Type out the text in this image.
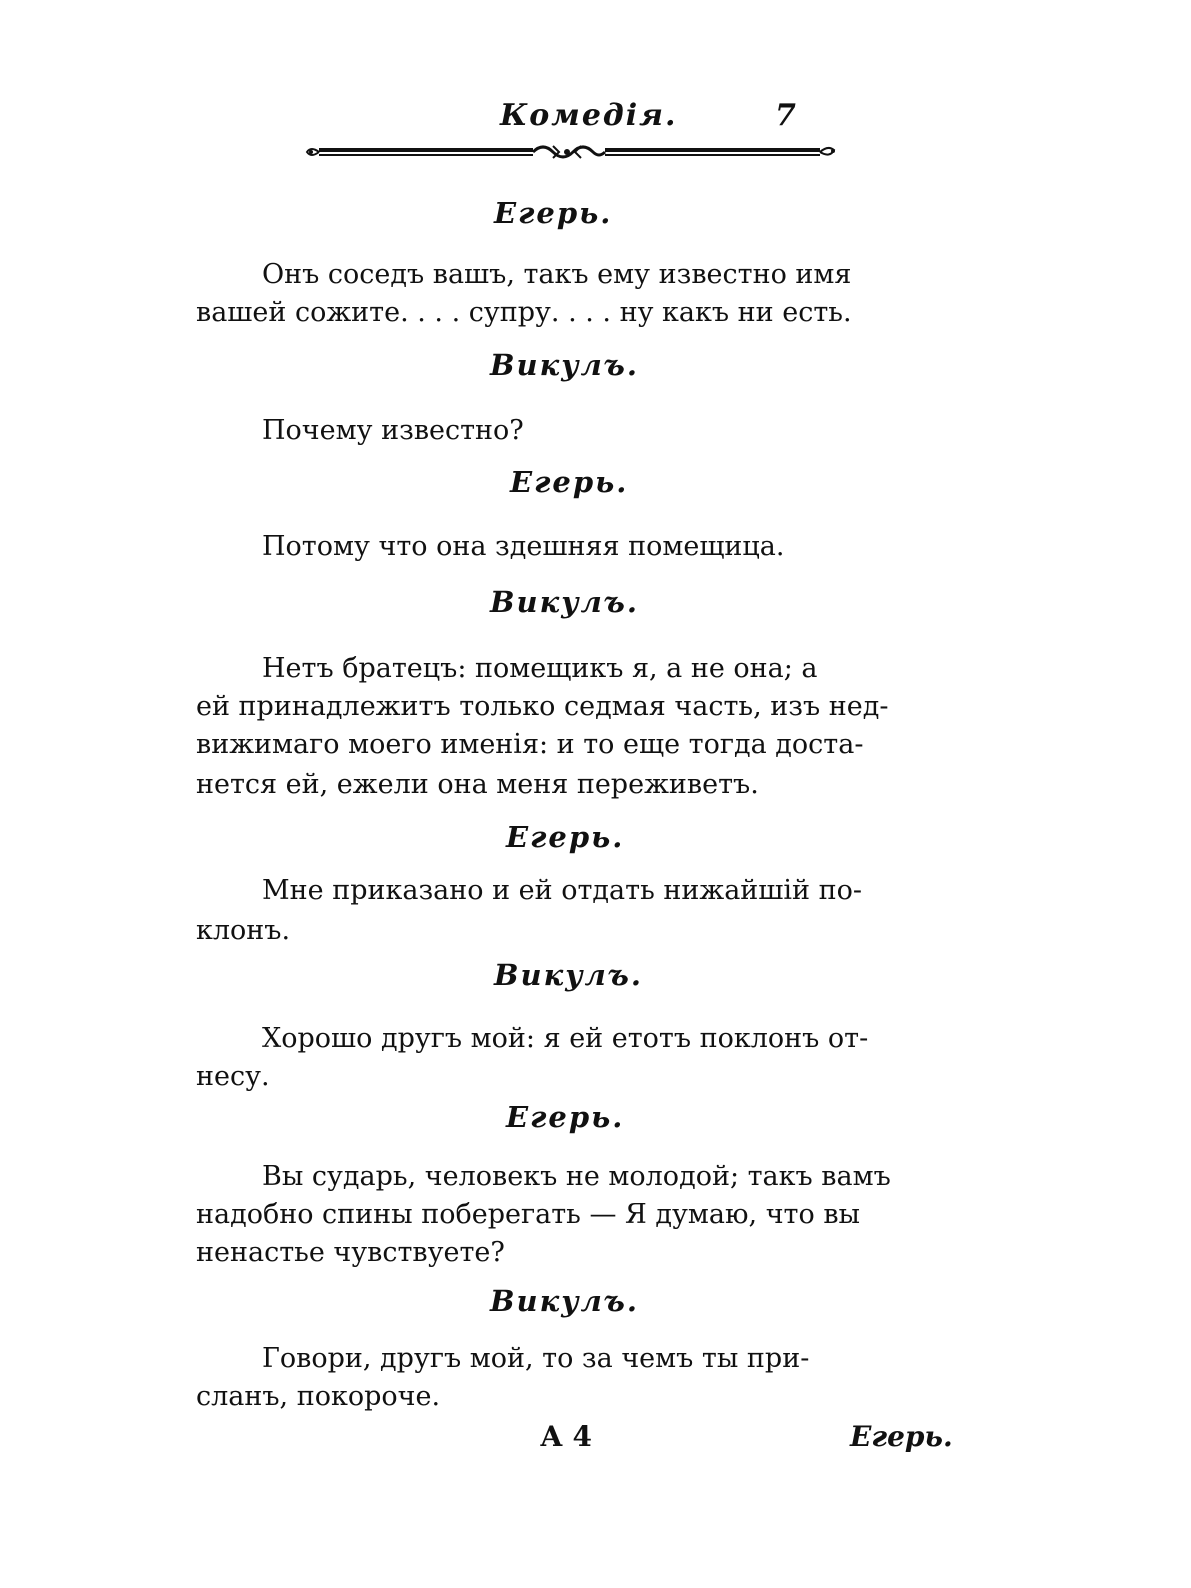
Комедія.	7
Егерь.
Онъ соседъ вашъ, такъ ему известно имя
вашей сожите. . . . супру. . . . ну какъ ни есть.
Викулъ.
Почему известно?
Егерь.
Потому что она здешняя помещица.
Викулъ.
Нетъ братецъ: помещикъ я, а не она; а
ей принадлежитъ только седмая часть, изъ нед-
вижимаго моего именія: и то еще тогда доста-
нется ей, ежели она меня переживетъ.
Егерь.
Мне приказано и ей отдать нижайшій по-
клонъ.
Викулъ.
Хорошо другъ мой: я ей етотъ поклонъ от-
несу.
Егерь.
Вы сударь, человекъ не молодой; такъ вамъ
надобно спины поберегать — Я думаю, что вы
ненастье чувствуете?
Викулъ.
Говори, другъ мой, то за чемъ ты при-
сланъ, покороче.
А 4	Егерь.
